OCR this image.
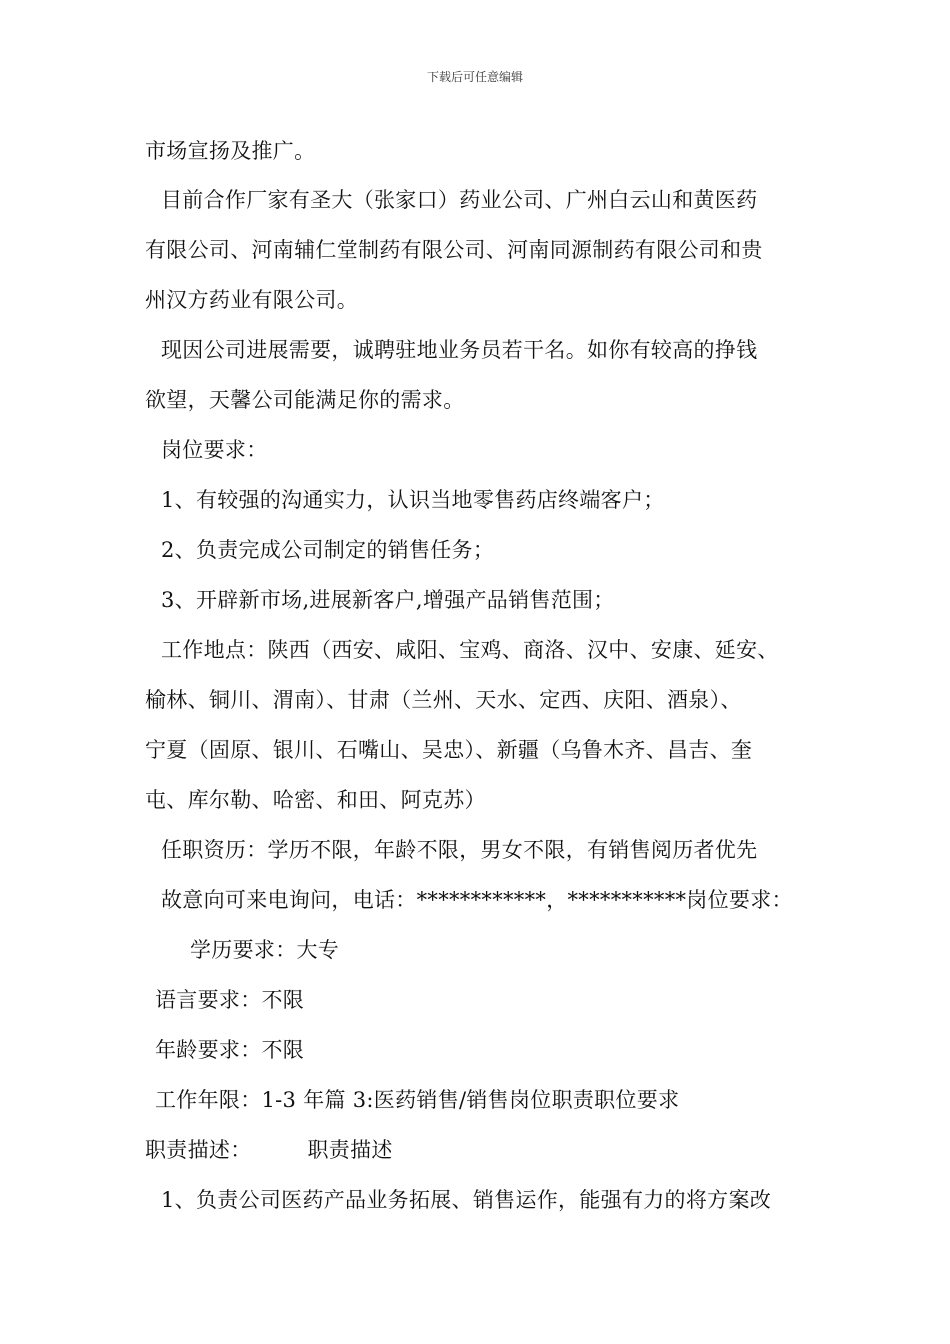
下载后可任意编辑
市场宣扬及推广。
目前合作厂家有圣大（张家口）药业公司、广州白云山和黄医药
有限公司、河南辅仁堂制药有限公司、河南同源制药有限公司和贵
州汉方药业有限公司。
现因公司进展需要，诚聘驻地业务员若干名。如你有较高的挣钱
欲望，天馨公司能满足你的需求。
岗位要求：
1、有较强的沟通实力，认识当地零售药店终端客户；
2、负责完成公司制定的销售任务；
3、开辟新市场,进展新客户,增强产品销售范围；
工作地点：陕西（西安、咸阳、宝鸡、商洛、汉中、安康、延安、
榆林、铜川、渭南）、甘肃（兰州、天水、定西、庆阳、酒泉）、
宁夏（固原、银川、石嘴山、吴忠）、新疆（乌鲁木齐、昌吉、奎
屯、库尔勒、哈密、和田、阿克苏）
任职资历：学历不限，年龄不限，男女不限，有销售阅历者优先
故意向可来电询问，电话：************，***********岗位要求：
学历要求：大专
语言要求：不限
年龄要求：不限
工作年限：1-3 年篇 3:医药销售/销售岗位职责职位要求
职责描述：	职责描述
1、负责公司医药产品业务拓展、销售运作，能强有力的将方案改
